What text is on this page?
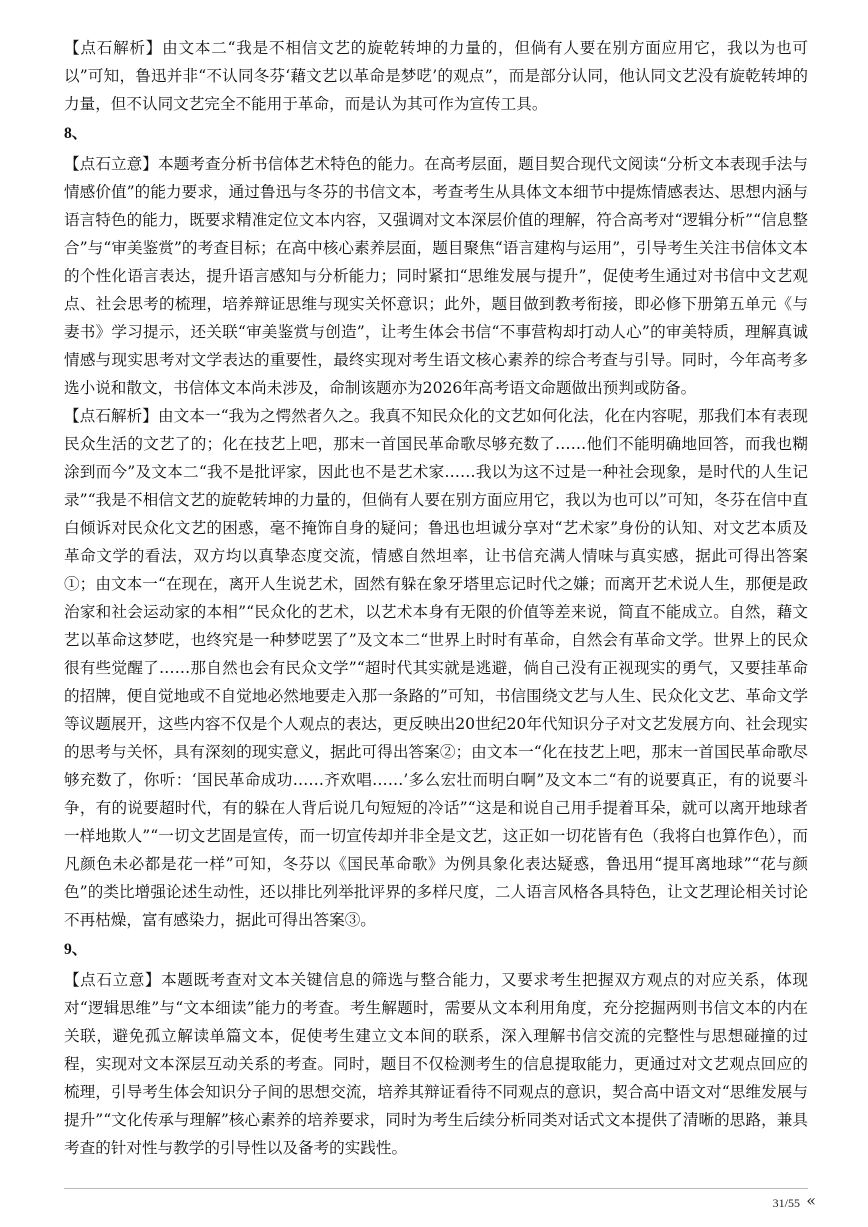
【点石解析】由文本二“我是不相信文艺的旋乾转坤的力量的，但倘有人要在别方面应用它，我以为也可以”可知，鲁迅并非“不认同冬芬‘藉文艺以革命是梦呓’的观点”，而是部分认同，他认同文艺没有旋乾转坤的力量，但不认同文艺完全不能用于革命，而是认为其可作为宣传工具。

8、

【点石立意】本题考查分析书信体艺术特色的能力。在高考层面，题目契合现代文阅读“分析文本表现手法与情感价值”的能力要求，通过鲁迅与冬芬的书信文本，考查考生从具体文本细节中提炼情感表达、思想内涵与语言特色的能力，既要求精准定位文本内容，又强调对文本深层价值的理解，符合高考对“逻辑分析”“信息整合”与“审美鉴赏”的考查目标；在高中核心素养层面，题目聚焦“语言建构与运用”，引导考生关注书信体文本的个性化语言表达，提升语言感知与分析能力；同时紧扣“思维发展与提升”，促使考生通过对书信中文艺观点、社会思考的梳理，培养辩证思维与现实关怀意识；此外，题目做到教考衔接，即必修下册第五单元《与妻书》学习提示，还关联“审美鉴赏与创造”，让考生体会书信“不事营构却打动人心”的审美特质，理解真诚情感与现实思考对文学表达的重要性，最终实现对考生语文核心素养的综合考查与引导。同时，今年高考多选小说和散文，书信体文本尚未涉及，命制该题亦为2026年高考语文命题做出预判或防备。

【点石解析】由文本一“我为之愕然者久之。我真不知民众化的文艺如何化法，化在内容呢，那我们本有表现民众生活的文艺了的；化在技艺上吧，那末一首国民革命歌尽够充数了……他们不能明确地回答，而我也糊涂到而今”及文本二“我不是批评家，因此也不是艺术家……我以为这不过是一种社会现象，是时代的人生记录”“我是不相信文艺的旋乾转坤的力量的，但倘有人要在别方面应用它，我以为也可以”可知，冬芬在信中直白倾诉对民众化文艺的困惑，毫不掩饰自身的疑问；鲁迅也坦诚分享对“艺术家”身份的认知、对文艺本质及革命文学的看法，双方均以真挚态度交流，情感自然坦率，让书信充满人情味与真实感，据此可得出答案①；由文本一“在现在，离开人生说艺术，固然有躲在象牙塔里忘记时代之嫌；而离开艺术说人生，那便是政治家和社会运动家的本相”“民众化的艺术，以艺术本身有无限的价值等差来说，简直不能成立。自然，藉文艺以革命这梦呓，也终究是一种梦呓罢了”及文本二“世界上时时有革命，自然会有革命文学。世界上的民众很有些觉醒了……那自然也会有民众文学”“超时代其实就是逃避，倘自己没有正视现实的勇气，又要挂革命的招牌，便自觉地或不自觉地必然地要走入那一条路的”可知，书信围绕文艺与人生、民众化文艺、革命文学等议题展开，这些内容不仅是个人观点的表达，更反映出20世纪20年代知识分子对文艺发展方向、社会现实的思考与关怀，具有深刻的现实意义，据此可得出答案②；由文本一“化在技艺上吧，那末一首国民革命歌尽够充数了，你听：‘国民革命成功……齐欢唱……’多么宏壮而明白啊”及文本二“有的说要真正，有的说要斗争，有的说要超时代，有的躲在人背后说几句短短的冷话”“这是和说自己用手提着耳朵，就可以离开地球者一样地欺人”“一切文艺固是宣传，而一切宣传却并非全是文艺，这正如一切花皆有色（我将白也算作色），而凡颜色未必都是花一样”可知，冬芬以《国民革命歌》为例具象化表达疑惑，鲁迅用“提耳离地球”“花与颜色”的类比增强论述生动性，还以排比列举批评界的多样尺度，二人语言风格各具特色，让文艺理论相关讨论不再枯燥，富有感染力，据此可得出答案③。

9、

【点石立意】本题既考查对文本关键信息的筛选与整合能力，又要求考生把握双方观点的对应关系，体现对“逻辑思维”与“文本细读”能力的考查。考生解题时，需要从文本利用角度，充分挖掘两则书信文本的内在关联，避免孤立解读单篇文本，促使考生建立文本间的联系，深入理解书信交流的完整性与思想碰撞的过程，实现对文本深层互动关系的考查。同时，题目不仅检测考生的信息提取能力，更通过对文艺观点回应的梳理，引导考生体会知识分子间的思想交流，培养其辩证看待不同观点的意识，契合高中语文对“思维发展与提升”“文化传承与理解”核心素养的培养要求，同时为考生后续分析同类对话式文本提供了清晰的思路，兼具考查的针对性与教学的引导性以及备考的实践性。

31/55 «
